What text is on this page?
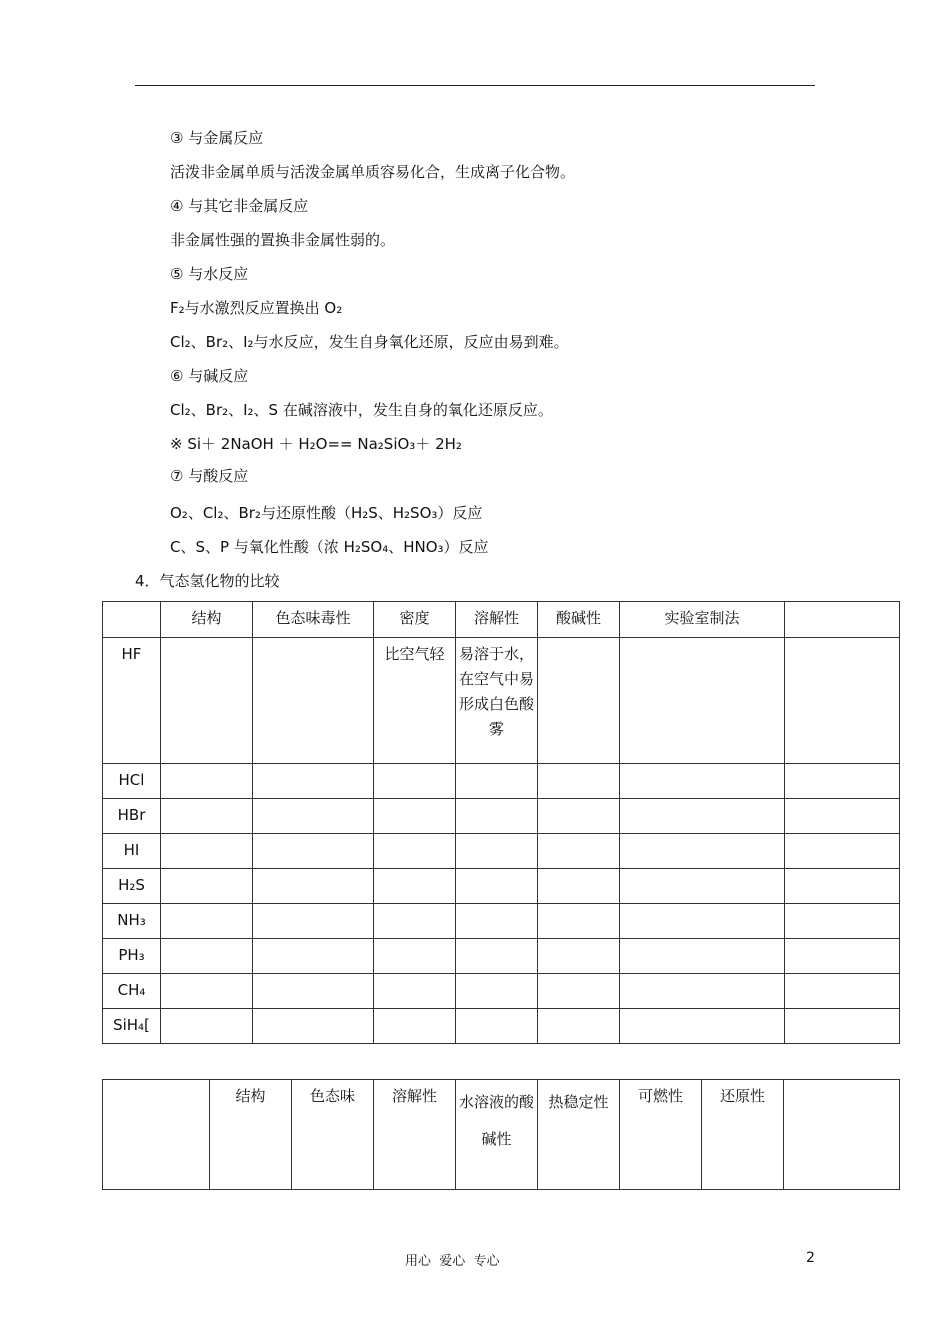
③ 与金属反应
活泼非金属单质与活泼金属单质容易化合，生成离子化合物。
④ 与其它非金属反应
非金属性强的置换非金属性弱的。
⑤ 与水反应
F₂与水激烈反应置换出 O₂
Cl₂、Br₂、I₂与水反应，发生自身氧化还原，反应由易到难。
⑥ 与碱反应
Cl₂、Br₂、I₂、S 在碱溶液中，发生自身的氧化还原反应。
※ Si＋ 2NaOH ＋ H₂O== Na₂SiO₃＋ 2H₂
⑦ 与酸反应
O₂、Cl₂、Br₂与还原性酸（H₂S、H₂SO₃）反应
C、S、P 与氧化性酸（浓 H₂SO₄、HNO₃）反应
4．气态氢化物的比较
	结构	色态味毒性	密度	溶解性	酸碱性	实验室制法	
HF			比空气轻	易溶于水，在空气中易形成白色酸雾			
HCl							
HBr							
HI							
H₂S							
NH₃							
PH₃							
CH₄							
SiH₄[							
	结构	色态味	溶解性	水溶液的酸碱性	热稳定性	可燃性	还原性	
用心  爱心  专心	2
